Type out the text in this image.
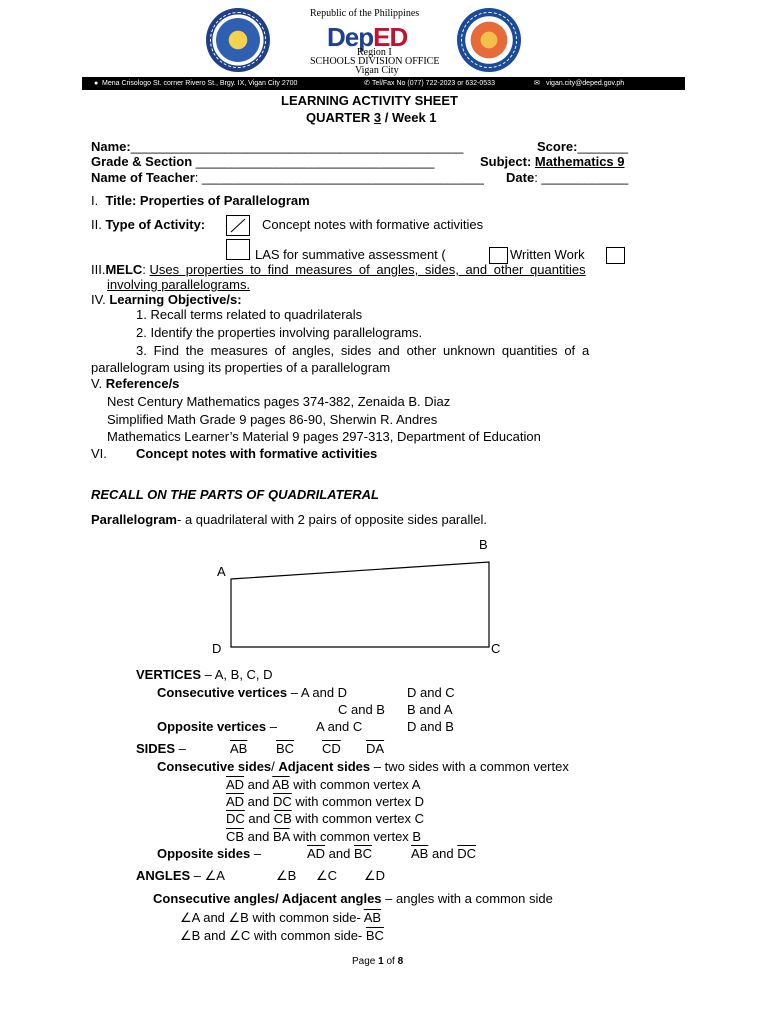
Republic of the Philippines
DepED
Region I
SCHOOLS DIVISION OFFICE
Vigan City
● Mena Crisologo St. corner Rivero St., Brgy. IX, Vigan City 2700	✆ Tel/Fax No (077) 722-2023 or 632-0533	✉ vigan.city@deped.gov.ph
LEARNING ACTIVITY SHEET
QUARTER 3 / Week 1
Name:______________________________________________	Score:_______
Grade & Section _________________________________	Subject: Mathematics 9
Name of Teacher: _______________________________________ Date: ____________
I. Title: Properties of Parallelogram
II. Type of Activity:	Concept notes with formative activities
LAS for summative assessment (	Written Work
III.MELC: Uses properties to find measures of angles, sides, and other quantities
involving parallelograms.
IV. Learning Objective/s:
1. Recall terms related to quadrilaterals
2. Identify the properties involving parallelograms.
3. Find the measures of angles, sides and other unknown quantities of a
parallelogram using its properties of a parallelogram
V. Reference/s
Nest Century Mathematics pages 374-382, Zenaida B. Diaz
Simplified Math Grade 9 pages 86-90, Sherwin R. Andres
Mathematics Learner’s Material 9 pages 297-313, Department of Education
VI. Concept notes with formative activities
RECALL ON THE PARTS OF QUADRILATERAL
Parallelogram- a quadrilateral with 2 pairs of opposite sides parallel.
B
A
D	C
VERTICES – A, B, C, D
Consecutive vertices – A and D	D and C
C and B B and A
Opposite vertices –	A and C	D and B
SIDES –	$\overline{AB}$ $\overline{BC}$ $\overline{CD}$ $\overline{DA}$
Consecutive sides/ Adjacent sides – two sides with a common vertex
$\overline{AD}$ and $\overline{AB}$ with common vertex A
$\overline{AD}$ and $\overline{DC}$ with common vertex D
$\overline{DC}$ and $\overline{CB}$ with common vertex C
$\overline{CB}$ and $\overline{BA}$ with common vertex B
Opposite sides –	$\overline{AD}$ and $\overline{BC}$	$\overline{AB}$ and $\overline{DC}$
ANGLES – ∠A	∠B ∠C ∠D
Consecutive angles/ Adjacent angles – angles with a common side
∠A and ∠B with common side- $\overline{AB}$
∠B and ∠C with common side- $\overline{BC}$
Page 1 of 8
